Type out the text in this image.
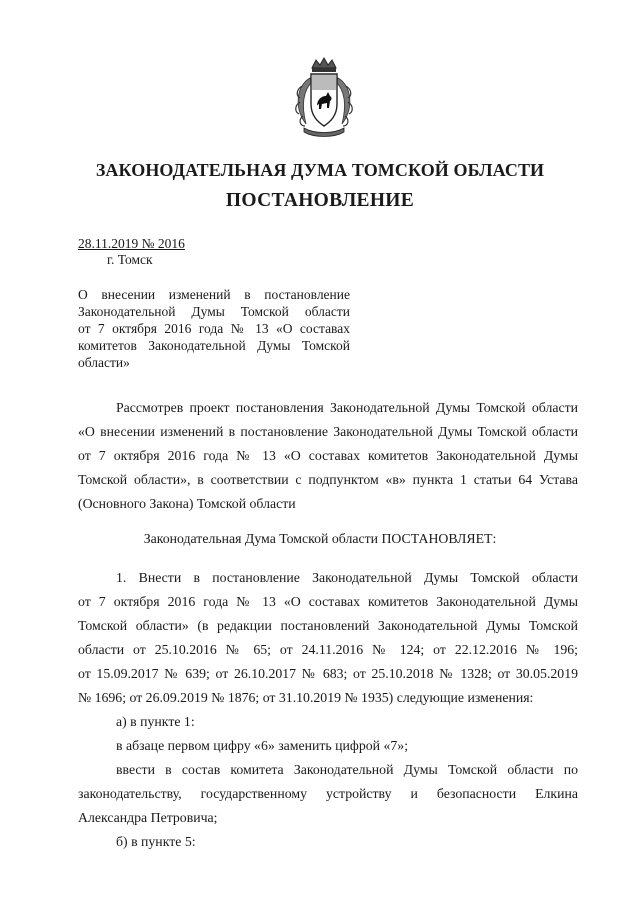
ЗАКОНОДАТЕЛЬНАЯ ДУМА ТОМСКОЙ ОБЛАСТИ
ПОСТАНОВЛЕНИЕ
28.11.2019 № 2016
г. Томск
О внесении изменений в постановление
Законодательной Думы Томской области
от 7 октября 2016 года № 13 «О составах
комитетов Законодательной Думы Томской
области»
Рассмотрев проект постановления Законодательной Думы Томской области
«О внесении изменений в постановление Законодательной Думы Томской области
от 7 октября 2016 года № 13 «О составах комитетов Законодательной Думы
Томской области», в соответствии с подпунктом «в» пункта 1 статьи 64 Устава
(Основного Закона) Томской области
Законодательная Дума Томской области ПОСТАНОВЛЯЕТ:
1. Внести в постановление Законодательной Думы Томской области
от 7 октября 2016 года № 13 «О составах комитетов Законодательной Думы
Томской области» (в редакции постановлений Законодательной Думы Томской
области от 25.10.2016 № 65; от 24.11.2016 № 124; от 22.12.2016 № 196;
от 15.09.2017 № 639; от 26.10.2017 № 683; от 25.10.2018 № 1328; от 30.05.2019
№ 1696; от 26.09.2019 № 1876; от 31.10.2019 № 1935) следующие изменения:
а) в пункте 1:
в абзаце первом цифру «6» заменить цифрой «7»;
ввести в состав комитета Законодательной Думы Томской области по
законодательству, государственному устройству и безопасности Елкина
Александра Петровича;
б) в пункте 5:
